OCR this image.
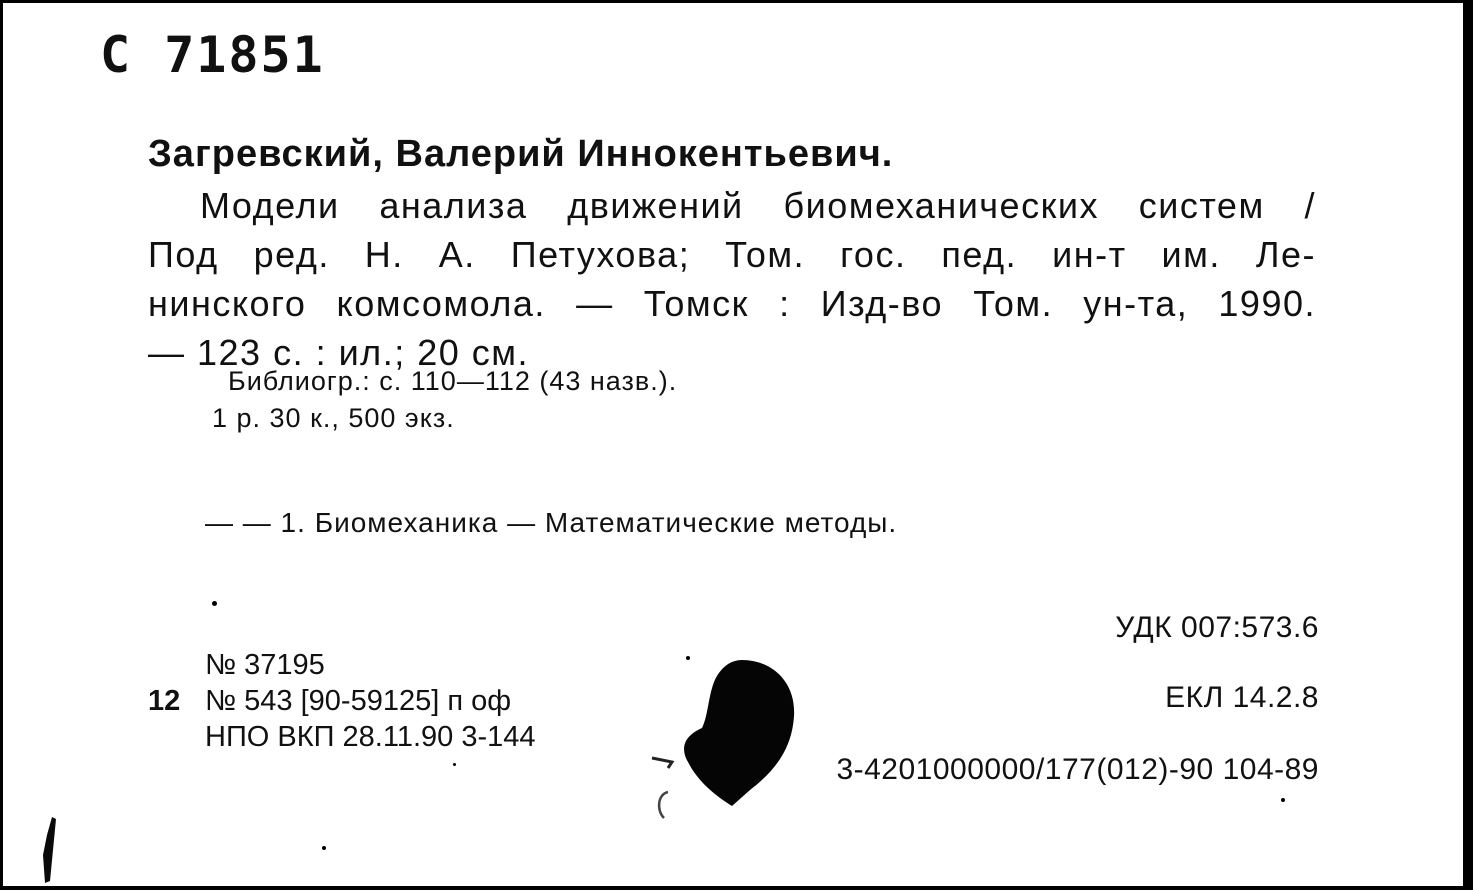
С 71851
Загревский, Валерий Иннокентьевич.
Модели анализа движений биомеханических систем /
Под ред. Н. А. Петухова; Том. гос. пед. ин-т им. Ле-
нинского комсомола. — Томск : Изд-во Том. ун-та, 1990.
— 123 с. : ил.; 20 см.
Библиогр.: с. 110—112 (43 назв.).
1 р. 30 к., 500 экз.
— — 1. Биомеханика — Математические методы.
УДК 007:573.6
ЕКЛ 14.2.8
3-4201000000/177(012)-90 104-89
№ 37195
12 № 543 [90-59125] п оф
НПО ВКП 28.11.90 3-144
